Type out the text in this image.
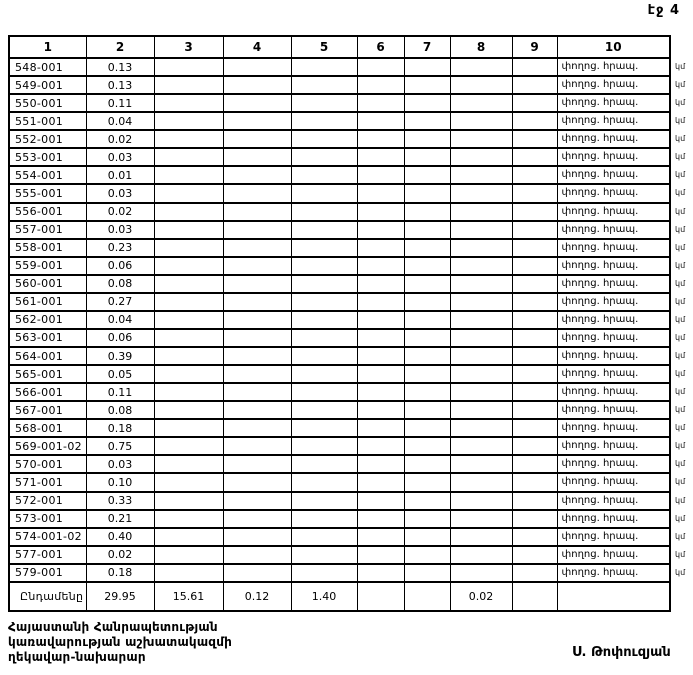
էջ 4
1	2	3	4	5	6	7	8	9	10
548-001	0.13								փողոց. հրապ.
549-001	0.13								փողոց. հրապ.
550-001	0.11								փողոց. հրապ.
551-001	0.04								փողոց. հրապ.
552-001	0.02								փողոց. հրապ.
553-001	0.03								փողոց. հրապ.
554-001	0.01								փողոց. հրապ.
555-001	0.03								փողոց. հրապ.
556-001	0.02								փողոց. հրապ.
557-001	0.03								փողոց. հրապ.
558-001	0.23								փողոց. հրապ.
559-001	0.06								փողոց. հրապ.
560-001	0.08								փողոց. հրապ.
561-001	0.27								փողոց. հրապ.
562-001	0.04								փողոց. հրապ.
563-001	0.06								փողոց. հրապ.
564-001	0.39								փողոց. հրապ.
565-001	0.05								փողոց. հրապ.
566-001	0.11								փողոց. հրապ.
567-001	0.08								փողոց. հրապ.
568-001	0.18								փողոց. հրապ.
569-001-02	0.75								փողոց. հրապ.
570-001	0.03								փողոց. հրապ.
571-001	0.10								փողոց. հրապ.
572-001	0.33								փողոց. հրապ.
573-001	0.21								փողոց. հրապ.
574-001-02	0.40								փողոց. հրապ.
577-001	0.02								փողոց. հրապ.
579-001	0.18								փողոց. հրապ.
Ընդամենը	29.95	15.61	0.12	1.40			0.02		
կմ
կմ
կմ
կմ
կմ
կմ
կմ
կմ
կմ
կմ
կմ
կմ
կմ
կմ
կմ
կմ
կմ
կմ
կմ
կմ
կմ
կմ
կմ
կմ
կմ
կմ
կմ
կմ
կմ
Հայաստանի Հանրապետության
կառավարության աշխատակազմի
ղեկավար-նախարար	Ս. Թոփուզյան
